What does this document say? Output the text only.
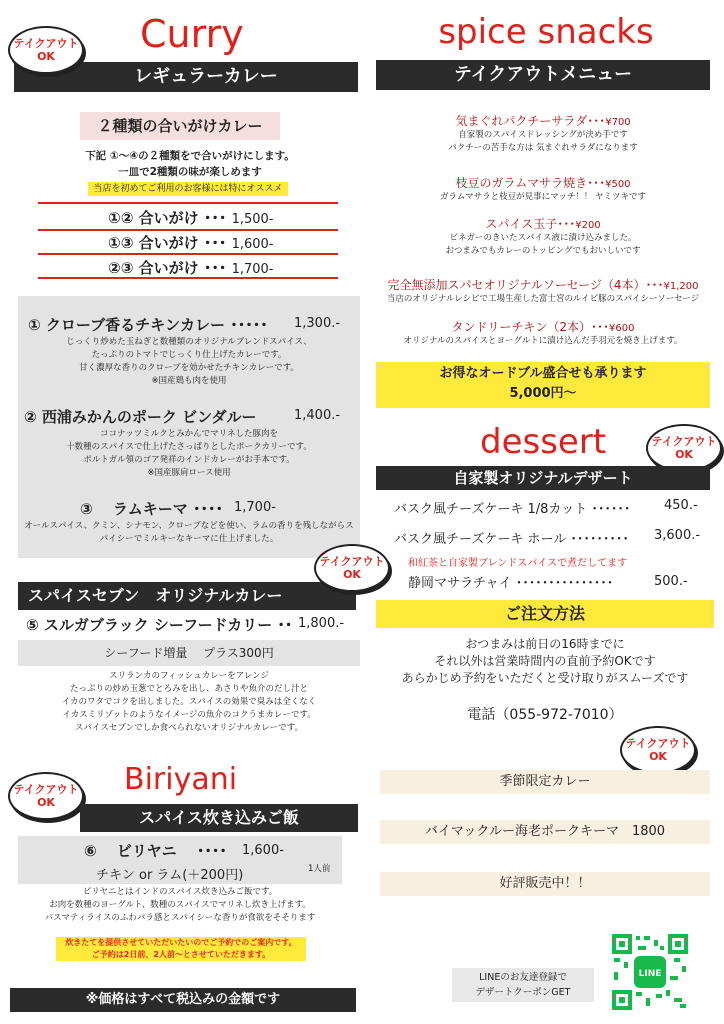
Curry
レギュラーカレー
テイクアウト
OK
２種類の合いがけカレー
下記 ①～④の２種類をで合いがけにします。
一皿で2種類の味が楽しめます
当店を初めてご利用のお客様には特にオススメ
①② 合いがけ ･･･ 1,500-
①③ 合いがけ ･･･ 1,600-
②③ 合いがけ ･･･ 1,700-
① クローブ香るチキンカレー ･････ 1,300.-
じっくり炒めた玉ねぎと数種類のオリジナルブレンドスパイス、
たっぷりのトマトでじっくり仕上げたカレーです。
甘く濃厚な香りのクローブを効かせたチキンカレーです。
※国産鶏も肉を使用
② 西浦みかんのポーク ビンダルー	1,400.-
ココナッツミルクとみかんでマリネした豚肉を
十数種のスパイスで仕上げたさっぱりとしたポークカリーです。
ポルトガル領のゴア発祥のインドカレーがお手本です。
※国産豚肩ロース使用
③　 ラムキーマ ････ 1,700-
オールスパイス、クミン、シナモン、クローブなどを使い、ラムの香りを残しながらス
パイシーでミルキーなキーマに仕上げました。
スパイスセブン　オリジナルカレー
テイクアウト
OK
⑤ スルガブラック シーフードカリー ･･ 1,800.-
シーフード増量　 プラス300円
スリランカのフィッシュカレーをアレンジ
たっぷりの炒め玉葱でとろみを出し、あさりや魚介のだし汁と
イカのワタでコクを出しました。スパイスの効果で臭みは全くなく
イカスミリゾットのようなイメージの魚介のコクうまカレーです。
スパイスセブンでしか食べられないオリジナルカレーです。
Biriyani
テイクアウト
OK
スパイス炊き込みご飯
⑥　 ビリヤニ　 ････ 1,600-
チキン or ラム(＋200円)	1人前
ビリヤニとはインドのスパイス炊き込みご飯です。
お肉を数種のヨーグルト、数種のスパイスでマリネし炊き上げます。
バスマティライスのふわパラ感とスパイシーな香りが食欲をそそります
炊きたてを提供させていただいたいのでご予約でのご案内です。
ご予約は2日前、2人前～とさせていただきます。
※価格はすべて税込みの金額です
spice snacks
テイクアウトメニュー
気まぐれパクチーサラダ･･･¥700
自家製のスパイスドレッシングが決め手です
パクチーの苦手な方は 気まぐれサラダになります
枝豆のガラムマサラ焼き･･･¥500
ガラムマサラと枝豆が見事にマッチ！！ ヤミツキです
スパイス玉子･･･¥200
ビネガーのきいたスパイス液に漬け込みました。
おつまみでもカレーのトッピングでもおいしいです
完全無添加スパセオリジナルソーセージ（4本）･･･¥1,200
当店のオリジナルレシピで工場生産した富士宮のルイビ豚のスパイシーソーセージ
タンドリーチキン（2本）･･･¥600
オリジナルのスパイスとヨーグルトに漬け込んだ手羽元を焼き上げます。
お得なオードブル盛合せも承ります
5,000円～
dessert	テイクアウト
OK
自家製オリジナルデザート
バスク風チーズケーキ 1/8カット ･･････	450.-
バスク風チーズケーキ ホール ･････････ 3,600.-
和紅茶と自家製ブレンドスパイスで煮だしてます
静岡マサラチャイ ･･･････････････	500.-
ご注文方法
おつまみは前日の16時までに
それ以外は営業時間内の直前予約OKです
あらかじめ予約をいただくと受け取りがスムーズです
電話（055-972-7010）
テイクアウト
OK
季節限定カレー
バイマックルー海老ポークキーマ　1800
好評販売中！！
LINEのお友達登録で
デザートクーポンGET
LINE
